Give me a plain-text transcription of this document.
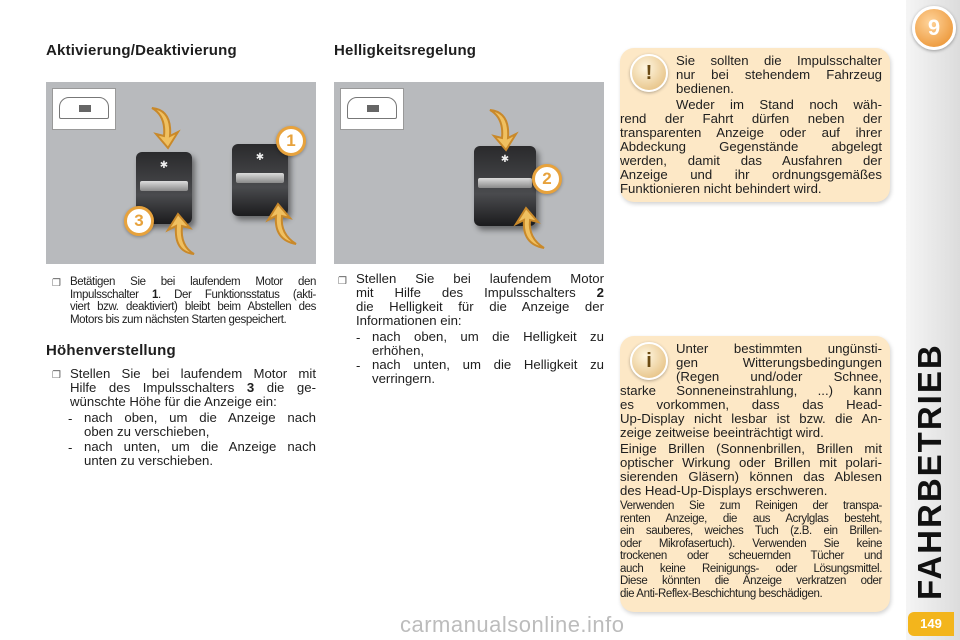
Aktivierung/Deaktivierung
✱
✱
1
3
❐ Betätigen Sie bei laufendem Motor den
Impulsschalter 1. Der Funktionsstatus (akti-
viert bzw. deaktiviert) bleibt beim Abstellen des
Motors bis zum nächsten Starten gespeichert.
Höhenverstellung
❐ Stellen Sie bei laufendem Motor mit
Hilfe des Impulsschalters 3 die ge-
wünschte Höhe für die Anzeige ein:
- nach oben, um die Anzeige nach
oben zu verschieben,
- nach unten, um die Anzeige nach
unten zu verschieben.
Helligkeitsregelung
✱
2
❐ Stellen Sie bei laufendem Motor
mit Hilfe des Impulsschalters 2
die Helligkeit für die Anzeige der
Informationen ein:
- nach oben, um die Helligkeit zu
erhöhen,
- nach unten, um die Helligkeit zu
verringern.
!
Sie sollten die Impulsschalter
nur bei stehendem Fahrzeug
bedienen.
Weder im Stand noch wäh-
rend der Fahrt dürfen neben der
transparenten Anzeige oder auf ihrer
Abdeckung Gegenstände abgelegt
werden, damit das Ausfahren der
Anzeige und ihr ordnungsgemäßes
Funktionieren nicht behindert wird.
i
Unter bestimmten ungünsti-
gen Witterungsbedingungen
(Regen und/oder Schnee,
starke Sonneneinstrahlung, ...) kann
es vorkommen, dass das Head-
Up-Display nicht lesbar ist bzw. die An-
zeige zeitweise beeinträchtigt wird.
Einige Brillen (Sonnenbrillen, Brillen mit
optischer Wirkung oder Brillen mit polari-
sierenden Gläsern) können das Ablesen
des Head-Up-Displays erschweren.
Verwenden Sie zum Reinigen der transpa-
renten Anzeige, die aus Acrylglas besteht,
ein sauberes, weiches Tuch (z.B. ein Brillen-
oder Mikrofasertuch). Verwenden Sie keine
trockenen oder scheuernden Tücher und
auch keine Reinigungs- oder Lösungsmittel.
Diese könnten die Anzeige verkratzen oder
die Anti-Reflex-Beschichtung beschädigen.
9
FAHRBETRIEB
149
carmanualsonline.info
